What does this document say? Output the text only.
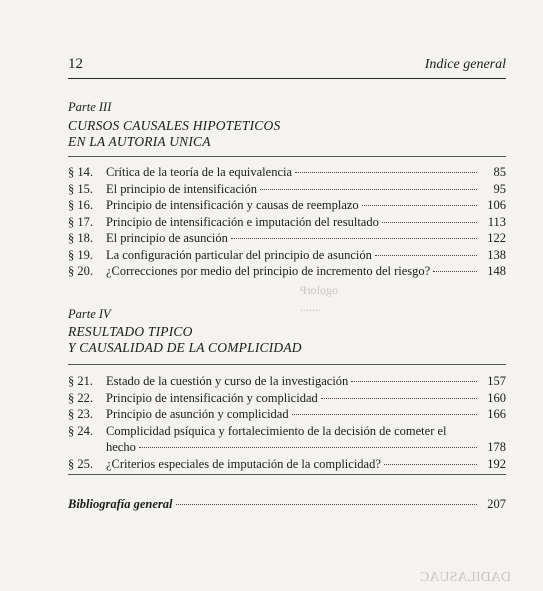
ogolorP
.......
DADILASUAC
12	Indice general
Parte III
CURSOS CAUSALES HIPOTETICOS
EN LA AUTORIA UNICA
§ 14.	Crítica de la teoría de la equivalencia	85
§ 15.	El principio de intensificación	95
§ 16.	Principio de intensificación y causas de reemplazo	106
§ 17.	Principio de intensificación e imputación del resultado	113
§ 18.	El principio de asunción	122
§ 19.	La configuración particular del principio de asunción	138
§ 20.	¿Correcciones por medio del principio de incremento del riesgo?	148
Parte IV
RESULTADO TIPICO
Y CAUSALIDAD DE LA COMPLICIDAD
§ 21.	Estado de la cuestión y curso de la investigación	157
§ 22.	Principio de intensificación y complicidad	160
§ 23.	Principio de asunción y complicidad	166
§ 24.	Complicidad psíquica y fortalecimiento de la decisión de cometer el
hecho	178
§ 25.	¿Criterios especiales de imputación de la complicidad?	192
Bibliografía general	207
